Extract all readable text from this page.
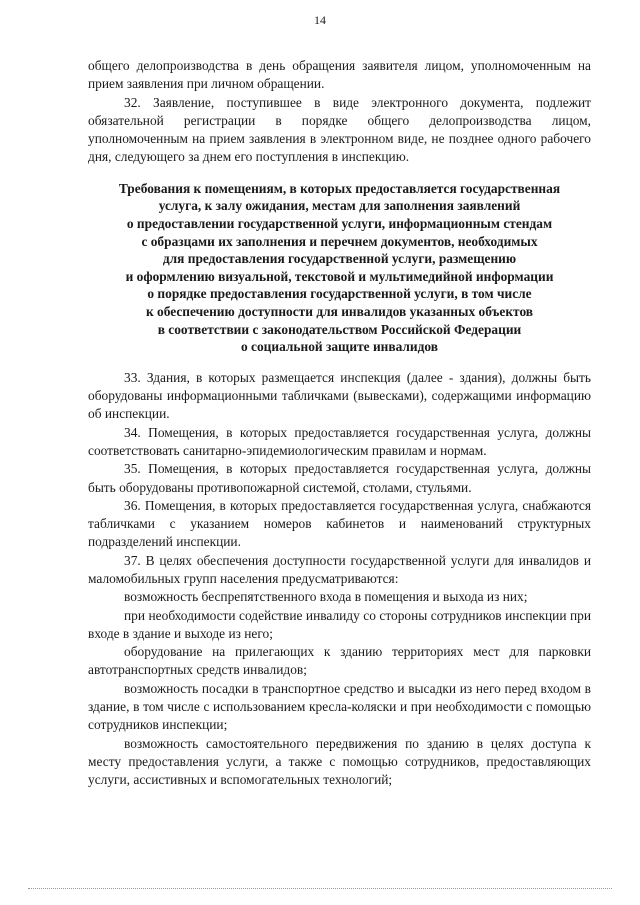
14

общего делопроизводства в день обращения заявителя лицом, уполномоченным на прием заявления при личном обращении.

32. Заявление, поступившее в виде электронного документа, подлежит обязательной регистрации в порядке общего делопроизводства лицом, уполномоченным на прием заявления в электронном виде, не позднее одного рабочего дня, следующего за днем его поступления в инспекцию.

Требования к помещениям, в которых предоставляется государственная
услуга, к залу ожидания, местам для заполнения заявлений
о предоставлении государственной услуги, информационным стендам
с образцами их заполнения и перечнем документов, необходимых
для предоставления государственной услуги, размещению
и оформлению визуальной, текстовой и мультимедийной информации
о порядке предоставления государственной услуги, в том числе
к обеспечению доступности для инвалидов указанных объектов
в соответствии с законодательством Российской Федерации
о социальной защите инвалидов

33. Здания, в которых размещается инспекция (далее - здания), должны быть оборудованы информационными табличками (вывесками), содержащими информацию об инспекции.

34. Помещения, в которых предоставляется государственная услуга, должны соответствовать санитарно-эпидемиологическим правилам и нормам.

35. Помещения, в которых предоставляется государственная услуга, должны быть оборудованы противопожарной системой, столами, стульями.

36. Помещения, в которых предоставляется государственная услуга, снабжаются табличками с указанием номеров кабинетов и наименований структурных подразделений инспекции.

37. В целях обеспечения доступности государственной услуги для инвалидов и маломобильных групп населения предусматриваются:

возможность беспрепятственного входа в помещения и выхода из них;

при необходимости содействие инвалиду со стороны сотрудников инспекции при входе в здание и выходе из него;

оборудование на прилегающих к зданию территориях мест для парковки автотранспортных средств инвалидов;

возможность посадки в транспортное средство и высадки из него перед входом в здание, в том числе с использованием кресла-коляски и при необходимости с помощью сотрудников инспекции;

возможность самостоятельного передвижения по зданию в целях доступа к месту предоставления услуги, а также с помощью сотрудников, предоставляющих услуги, ассистивных и вспомогательных технологий;
